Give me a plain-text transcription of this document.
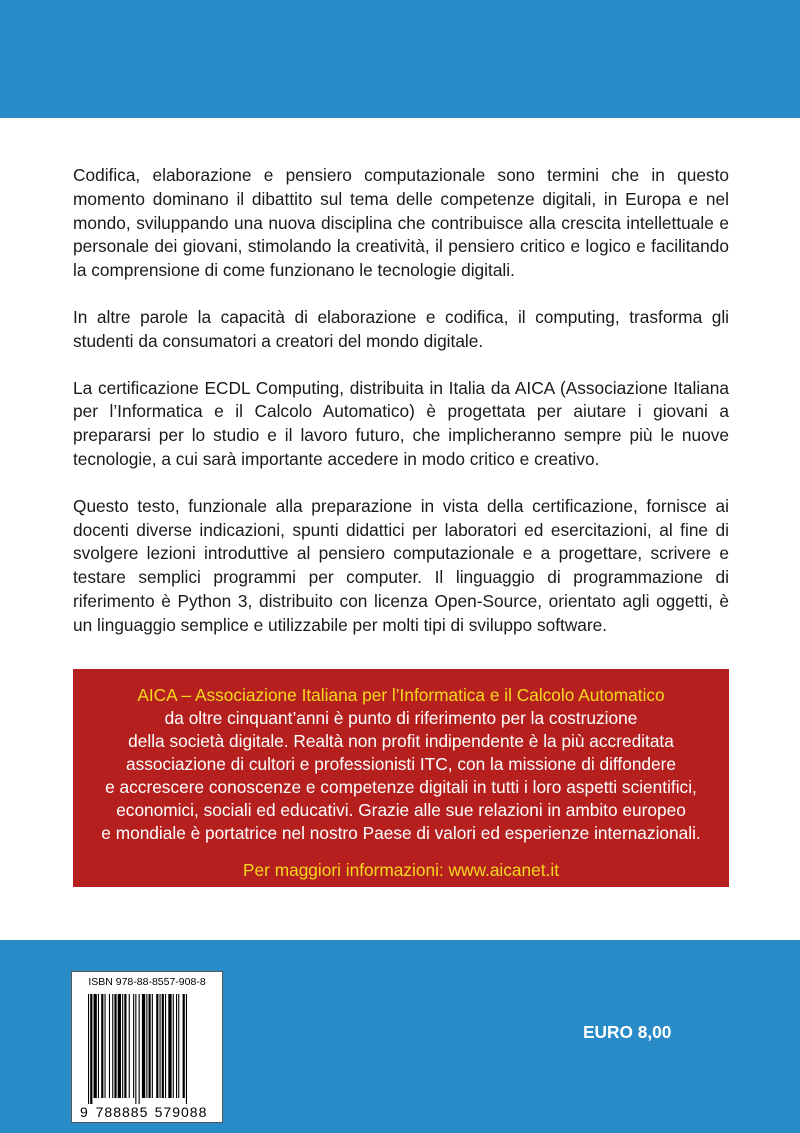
Codifica, elaborazione e pensiero computazionale sono termini che in questo momento dominano il dibattito sul tema delle competenze digitali, in Europa e nel mondo, sviluppando una nuova disciplina che contribuisce alla crescita intellettuale e personale dei giovani, stimolando la creatività, il pensiero critico e logico e facilitando la comprensione di come funzionano le tecnologie digitali.

In altre parole la capacità di elaborazione e codifica, il computing, trasforma gli studenti da consumatori a creatori del mondo digitale.

La certificazione ECDL Computing, distribuita in Italia da AICA (Associazione Italiana per l’Informatica e il Calcolo Automatico) è progettata per aiutare i giovani a prepararsi per lo studio e il lavoro futuro, che implicheranno sempre più le nuove tecnologie, a cui sarà importante accedere in modo critico e creativo.

Questo testo, funzionale alla preparazione in vista della certificazione, fornisce ai docenti diverse indicazioni, spunti didattici per laboratori ed esercitazioni, al fine di svolgere lezioni introduttive al pensiero computazionale e a progettare, scrivere e testare semplici programmi per computer. Il linguaggio di programmazione di riferimento è Python 3, distribuito con licenza Open-Source, orientato agli oggetti, è un linguaggio semplice e utilizzabile per molti tipi di sviluppo software.

AICA – Associazione Italiana per l’Informatica e il Calcolo Automatico
da oltre cinquant’anni è punto di riferimento per la costruzione
della società digitale. Realtà non profit indipendente è la più accreditata
associazione di cultori e professionisti ITC, con la missione di diffondere
e accrescere conoscenze e competenze digitali in tutti i loro aspetti scientifici,
economici, sociali ed educativi. Grazie alle sue relazioni in ambito europeo
e mondiale è portatrice nel nostro Paese di valori ed esperienze internazionali.
Per maggiori informazioni: www.aicanet.it
ISBN 978-88-8557-908-8
9 788885 579088
EURO 8,00
